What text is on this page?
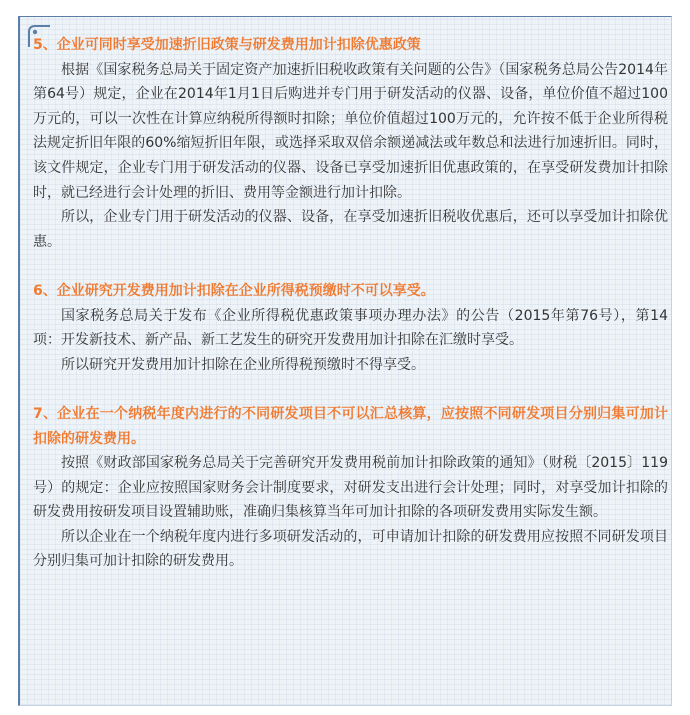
5、企业可同时享受加速折旧政策与研发费用加计扣除优惠政策

根据《国家税务总局关于固定资产加速折旧税收政策有关问题的公告》（国家税务总局公告2014年第64号）规定，企业在2014年1月1日后购进并专门用于研发活动的仪器、设备，单位价值不超过100万元的，可以一次性在计算应纳税所得额时扣除；单位价值超过100万元的，允许按不低于企业所得税法规定折旧年限的60%缩短折旧年限，或选择采取双倍余额递减法或年数总和法进行加速折旧。同时，该文件规定，企业专门用于研发活动的仪器、设备已享受加速折旧优惠政策的，在享受研发费加计扣除时，就已经进行会计处理的折旧、费用等金额进行加计扣除。

所以，企业专门用于研发活动的仪器、设备，在享受加速折旧税收优惠后，还可以享受加计扣除优惠。

6、企业研究开发费用加计扣除在企业所得税预缴时不可以享受。

国家税务总局关于发布《企业所得税优惠政策事项办理办法》的公告（2015年第76号），第14项：开发新技术、新产品、新工艺发生的研究开发费用加计扣除在汇缴时享受。

所以研究开发费用加计扣除在企业所得税预缴时不得享受。

7、企业在一个纳税年度内进行的不同研发项目不可以汇总核算，应按照不同研发项目分别归集可加计扣除的研发费用。

按照《财政部国家税务总局关于完善研究开发费用税前加计扣除政策的通知》（财税〔2015〕119号）的规定：企业应按照国家财务会计制度要求，对研发支出进行会计处理；同时，对享受加计扣除的研发费用按研发项目设置辅助账，准确归集核算当年可加计扣除的各项研发费用实际发生额。

所以企业在一个纳税年度内进行多项研发活动的，可申请加计扣除的研发费用应按照不同研发项目分别归集可加计扣除的研发费用。
